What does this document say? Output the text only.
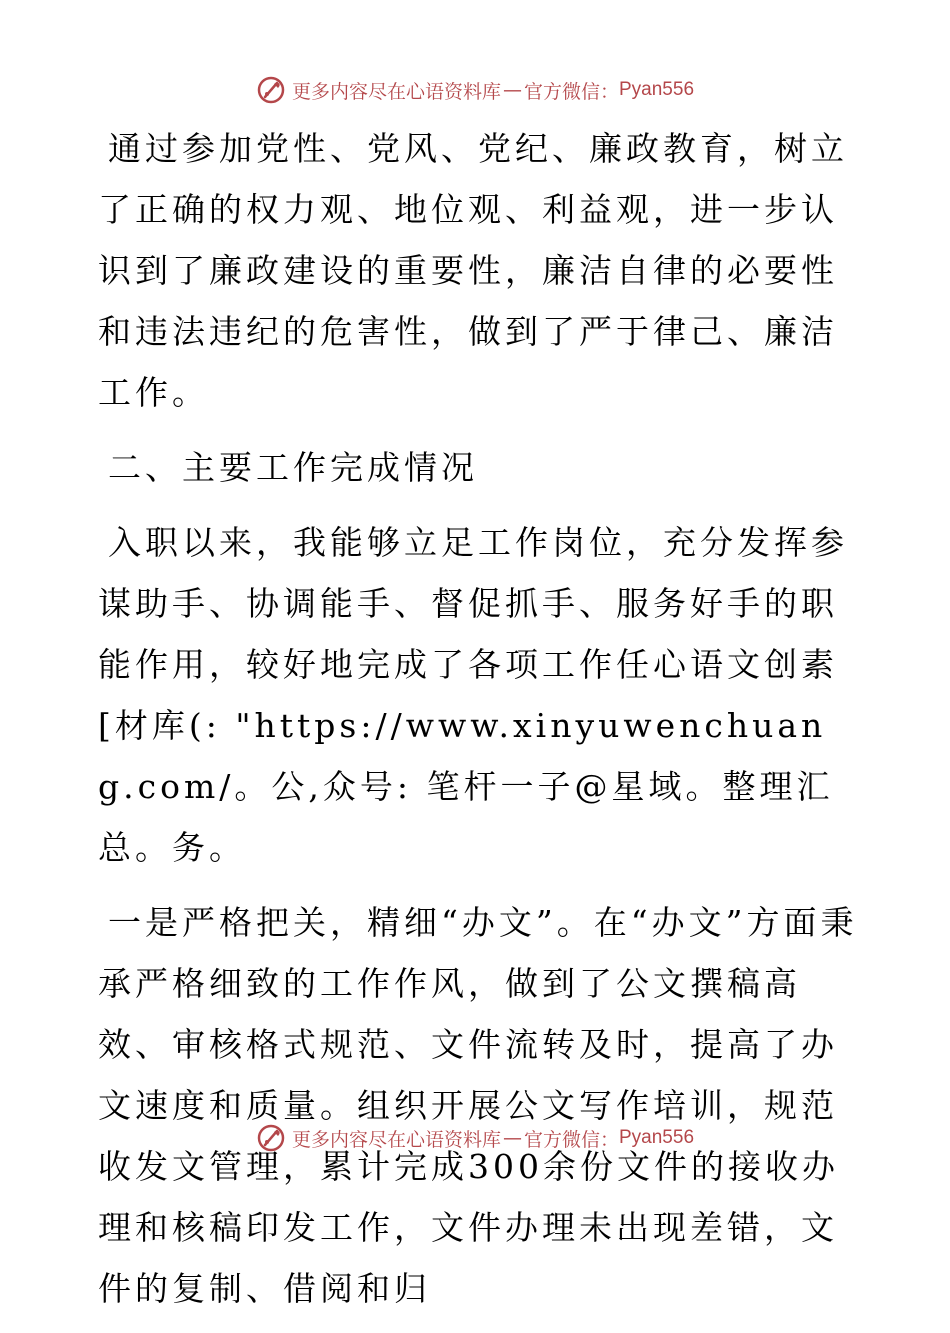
更多内容尽在心语资料库 — 官方微信： Pyan556

通过参加党性、党风、党纪、廉政教育，树立了正确的权力观、地位观、利益观，进一步认识到了廉政建设的重要性，廉洁自律的必要性和违法违纪的危害性，做到了严于律己、廉洁工作。

二、主要工作完成情况

入职以来，我能够立足工作岗位，充分发挥参谋助手、协调能手、督促抓手、服务好手的职能作用，较好地完成了各项工作任心语文创素[材库(: "https://www.xinyuwenchuang.com/。公,众号: 笔杆一子@星域。整理汇总。务。

一是严格把关，精细“办文”。在“办文”方面秉承严格细致的工作作风，做到了公文撰稿高效、审核格式规范、文件流转及时，提高了办文速度和质量。组织开展公文写作培训，规范收发文管理，累计完成300余份文件的接收办理和核稿印发工作，文件办理未出现差错，文件的复制、借阅和归

更多内容尽在心语资料库 — 官方微信： Pyan556
